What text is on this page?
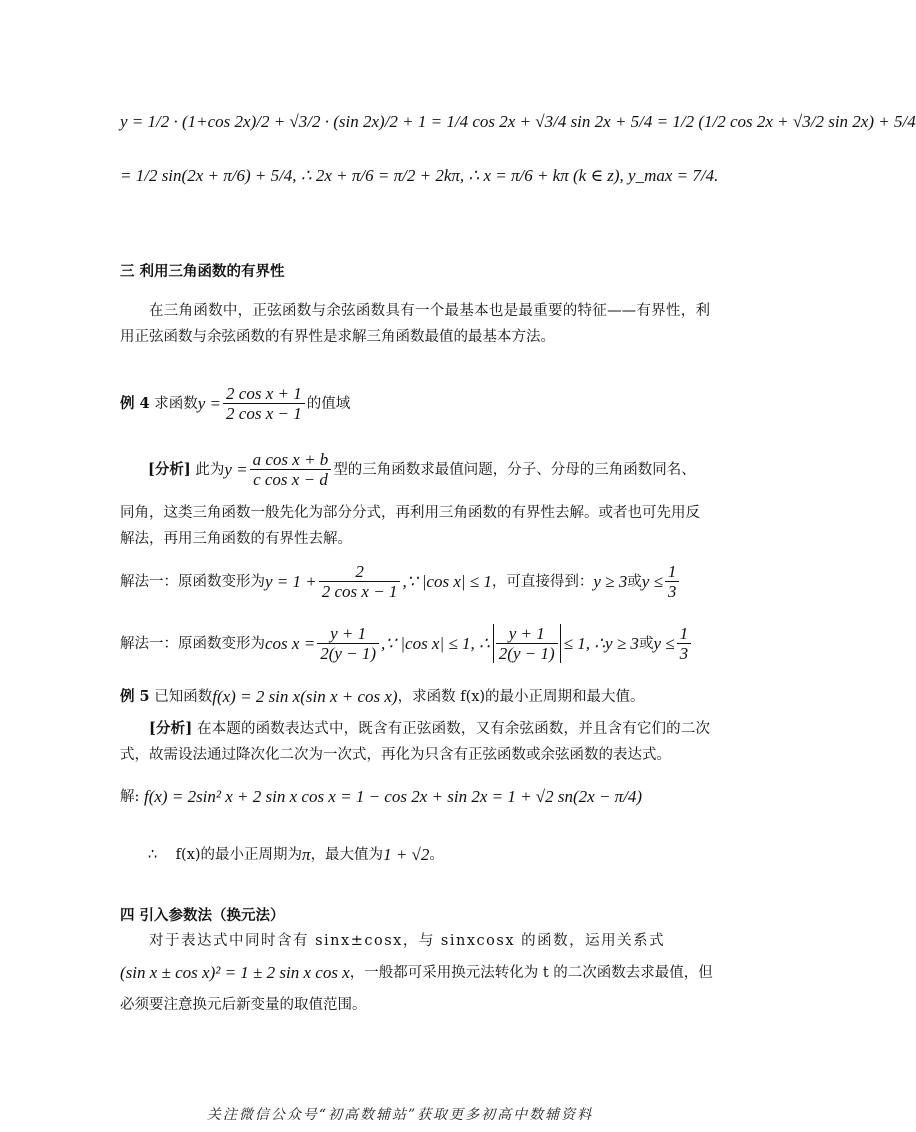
y = 1/2 · (1+cos 2x)/2 + √3/2 · (sin 2x)/2 + 1 = 1/4 cos 2x + √3/4 sin 2x + 5/4 = 1/2 (1/2 cos 2x + √3/2 sin 2x) + 5/4
= 1/2 sin(2x + π/6) + 5/4, ∴ 2x + π/6 = π/2 + 2kπ, ∴ x = π/6 + kπ (k ∈ z), y_max = 7/4.
三 利用三角函数的有界性
在三角函数中，正弦函数与余弦函数具有一个最基本也是最重要的特征——有界性，利用正弦函数与余弦函数的有界性是求解三角函数最值的最基本方法。
例 4
求函数 $y = \frac{\text{2 cos x + 1}}{\text{2 cos x − 1}}$ 的值域
[分析]
此为 $y = \frac{\text{a cos x + b}}{\text{c cos x − d}}$ 型的三角函数求最值问题，分子、分母的三角函数同名、
同角，这类三角函数一般先化为部分分式，再利用三角函数的有界性去解。或者也可先用反解法，再用三角函数的有界性去解。
解法一：原函数变形为 $y = 1 + \frac{2}{\text{2 cos x − 1}}$ ,∵ |cos x| ≤ 1 ，可直接得到： y ≥ 3 或 $y \le \frac{1}{3}$
解法一：原函数变形为 $\cos x = \frac{y + 1}{2(y - 1)}$ ,∵ |cos x| ≤ 1, ∴ $\frac{y + 1}{2(y - 1)} \le 1$, ∴ y ≥ 3 或 $y \le \frac{1}{3}$
例 5
已知函数 f(x) = 2 sin x(sin x + cos x) ，求函数 f(x)的最小正周期和最大值。
[分析] 在本题的函数表达式中，既含有正弦函数，又有余弦函数，并且含有它们的二次式，故需设法通过降次化二次为一次式，再化为只含有正弦函数或余弦函数的表达式。
解:
f(x) = 2sin² x + 2 sin x cos x = 1 − cos 2x + sin 2x = 1 + √2 sn(2x − π/4)
∴
f(x)的最小正周期为 π ，最大值为 1 + √2 。
四 引入参数法（换元法）
对于表达式中同时含有 sinx±cosx，与 sinxcosx 的函数，运用关系式
(sin x ± cos x)² = 1 ± 2 sin x cos x ，一般都可采用换元法转化为 t 的二次函数去求最值，但
必须要注意换元后新变量的取值范围。
关注微信公众号“初高数辅站”获取更多初高中数辅资料
